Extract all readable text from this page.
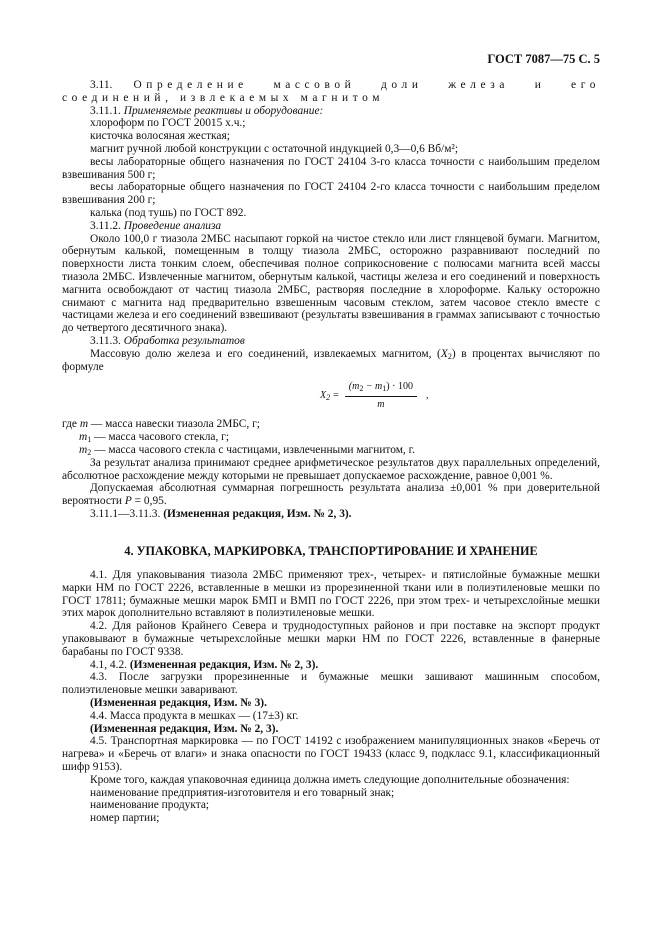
ГОСТ 7087—75 С. 5

3.11. Определение массовой доли железа и его соединений, извлекаемых магнитом

3.11.1. Применяемые реактивы и оборудование:

хлороформ по ГОСТ 20015 х.ч.;

кисточка волосяная жесткая;

магнит ручной любой конструкции с остаточной индукцией 0,3—0,6 Вб/м²;

весы лабораторные общего назначения по ГОСТ 24104 3-го класса точности с наибольшим пределом взвешивания 500 г;

весы лабораторные общего назначения по ГОСТ 24104 2-го класса точности с наибольшим пределом взвешивания 200 г;

калька (под тушь) по ГОСТ 892.

3.11.2. Проведение анализа

Около 100,0 г тиазола 2МБС насыпают горкой на чистое стекло или лист глянцевой бумаги. Магнитом, обернутым калькой, помещенным в толщу тиазола 2МБС, осторожно разравнивают последний по поверхности листа тонким слоем, обеспечивая полное соприкосновение с полюсами магнита всей массы тиазола 2МБС. Извлеченные магнитом, обернутым калькой, частицы железа и его соединений и поверхность магнита освобождают от частиц тиазола 2МБС, растворяя последние в хлороформе. Кальку осторожно снимают с магнита над предварительно взвешенным часовым стеклом, затем часовое стекло вместе с частицами железа и его соединений взвешивают (результаты взвешивания в граммах записывают с точностью до четвертого десятичного знака).

3.11.3. Обработка результатов

Массовую долю железа и его соединений, извлекаемых магнитом, $(X_2)$ в процентах вычисляют по формуле

$X_2 = \frac{(m_2 - m_1) \cdot 100}{m}$ ,

где m — масса навески тиазола 2МБС, г;

$m_1$ — масса часового стекла, г;

$m_2$ — масса часового стекла с частицами, извлеченными магнитом, г.

За результат анализа принимают среднее арифметическое результатов двух параллельных определений, абсолютное расхождение между которыми не превышает допускаемое расхождение, равное 0,001 %.

Допускаемая абсолютная суммарная погрешность результата анализа ±0,001 % при доверительной вероятности P = 0,95.

3.11.1—3.11.3. (Измененная редакция, Изм. № 2, 3).

4. УПАКОВКА, МАРКИРОВКА, ТРАНСПОРТИРОВАНИЕ И ХРАНЕНИЕ

4.1. Для упаковывания тиазола 2МБС применяют трех-, четырех- и пятислойные бумажные мешки марки НМ по ГОСТ 2226, вставленные в мешки из прорезиненной ткани или в полиэтиленовые мешки по ГОСТ 17811; бумажные мешки марок БМП и ВМП по ГОСТ 2226, при этом трех- и четырехслойные мешки этих марок дополнительно вставляют в полиэтиленовые мешки.

4.2. Для районов Крайнего Севера и труднодоступных районов и при поставке на экспорт продукт упаковывают в бумажные четырехслойные мешки марки НМ по ГОСТ 2226, вставленные в фанерные барабаны по ГОСТ 9338.

4.1, 4.2. (Измененная редакция, Изм. № 2, 3).

4.3. После загрузки прорезиненные и бумажные мешки зашивают машинным способом, полиэтиленовые мешки заваривают.

(Измененная редакция, Изм. № 3).

4.4. Масса продукта в мешках — (17±3) кг.

(Измененная редакция, Изм. № 2, 3).

4.5. Транспортная маркировка — по ГОСТ 14192 с изображением манипуляционных знаков «Беречь от нагрева» и «Беречь от влаги» и знака опасности по ГОСТ 19433 (класс 9, подкласс 9.1, классификационный шифр 9153).

Кроме того, каждая упаковочная единица должна иметь следующие дополнительные обозначения:

наименование предприятия-изготовителя и его товарный знак;

наименование продукта;

номер партии;
